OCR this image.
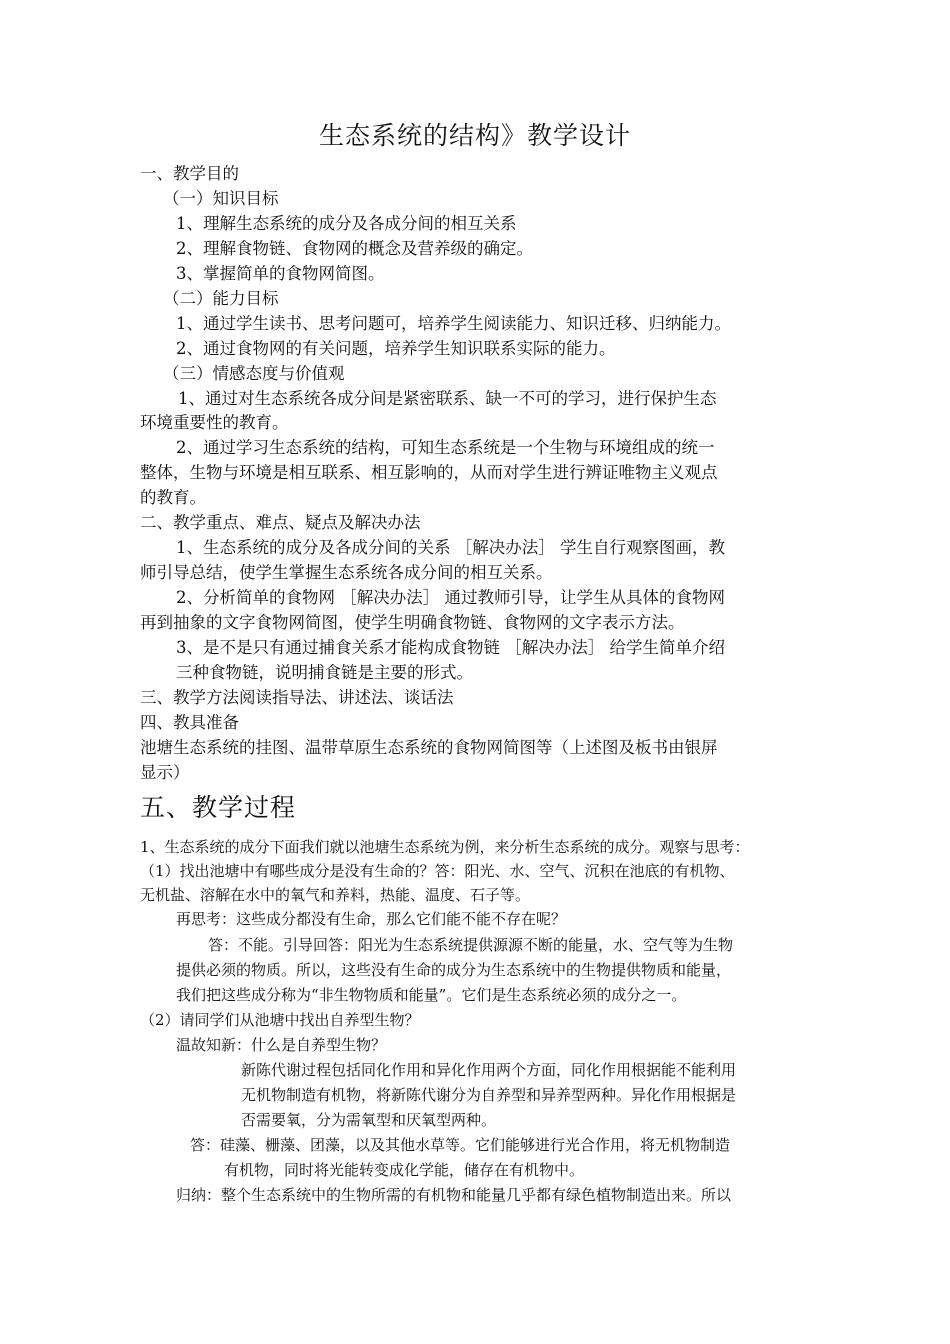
生态系统的结构》教学设计
一、教学目的
（一）知识目标
1、理解生态系统的成分及各成分间的相互关系
2、理解食物链、食物网的概念及营养级的确定。
3、掌握简单的食物网简图。
（二）能力目标
1、通过学生读书、思考问题可，培养学生阅读能力、知识迁移、归纳能力。
2、通过食物网的有关问题，培养学生知识联系实际的能力。
（三）情感态度与价值观
1、通过对生态系统各成分间是紧密联系、缺一不可的学习，进行保护生态
环境重要性的教育。
2、通过学习生态系统的结构，可知生态系统是一个生物与环境组成的统一
整体，生物与环境是相互联系、相互影响的，从而对学生进行辨证唯物主义观点
的教育。
二、教学重点、难点、疑点及解决办法
1、生态系统的成分及各成分间的关系 ［解决办法］ 学生自行观察图画，教
师引导总结，使学生掌握生态系统各成分间的相互关系。
2、分析简单的食物网 ［解决办法］ 通过教师引导，让学生从具体的食物网
再到抽象的文字食物网简图，使学生明确食物链、食物网的文字表示方法。
3、是不是只有通过捕食关系才能构成食物链 ［解决办法］ 给学生简单介绍
三种食物链，说明捕食链是主要的形式。
三、教学方法阅读指导法、讲述法、谈话法
四、教具准备
池塘生态系统的挂图、温带草原生态系统的食物网简图等（上述图及板书由银屏
显示）
五、教学过程
1、生态系统的成分下面我们就以池塘生态系统为例，来分析生态系统的成分。观察与思考：
（1）找出池塘中有哪些成分是没有生命的？答：阳光、水、空气、沉积在池底的有机物、
无机盐、溶解在水中的氧气和养料，热能、温度、石子等。
再思考：这些成分都没有生命，那么它们能不能不存在呢？
答：不能。引导回答：阳光为生态系统提供源源不断的能量，水、空气等为生物
提供必须的物质。所以，这些没有生命的成分为生态系统中的生物提供物质和能量，
我们把这些成分称为“非生物物质和能量”。它们是生态系统必须的成分之一。
（2）请同学们从池塘中找出自养型生物？
温故知新：什么是自养型生物？
新陈代谢过程包括同化作用和异化作用两个方面，同化作用根据能不能利用
无机物制造有机物，将新陈代谢分为自养型和异养型两种。异化作用根据是
否需要氧，分为需氧型和厌氧型两种。
答：硅藻、栅藻、团藻，以及其他水草等。它们能够进行光合作用，将无机物制造
有机物，同时将光能转变成化学能，储存在有机物中。
归纳：整个生态系统中的生物所需的有机物和能量几乎都有绿色植物制造出来。所以
